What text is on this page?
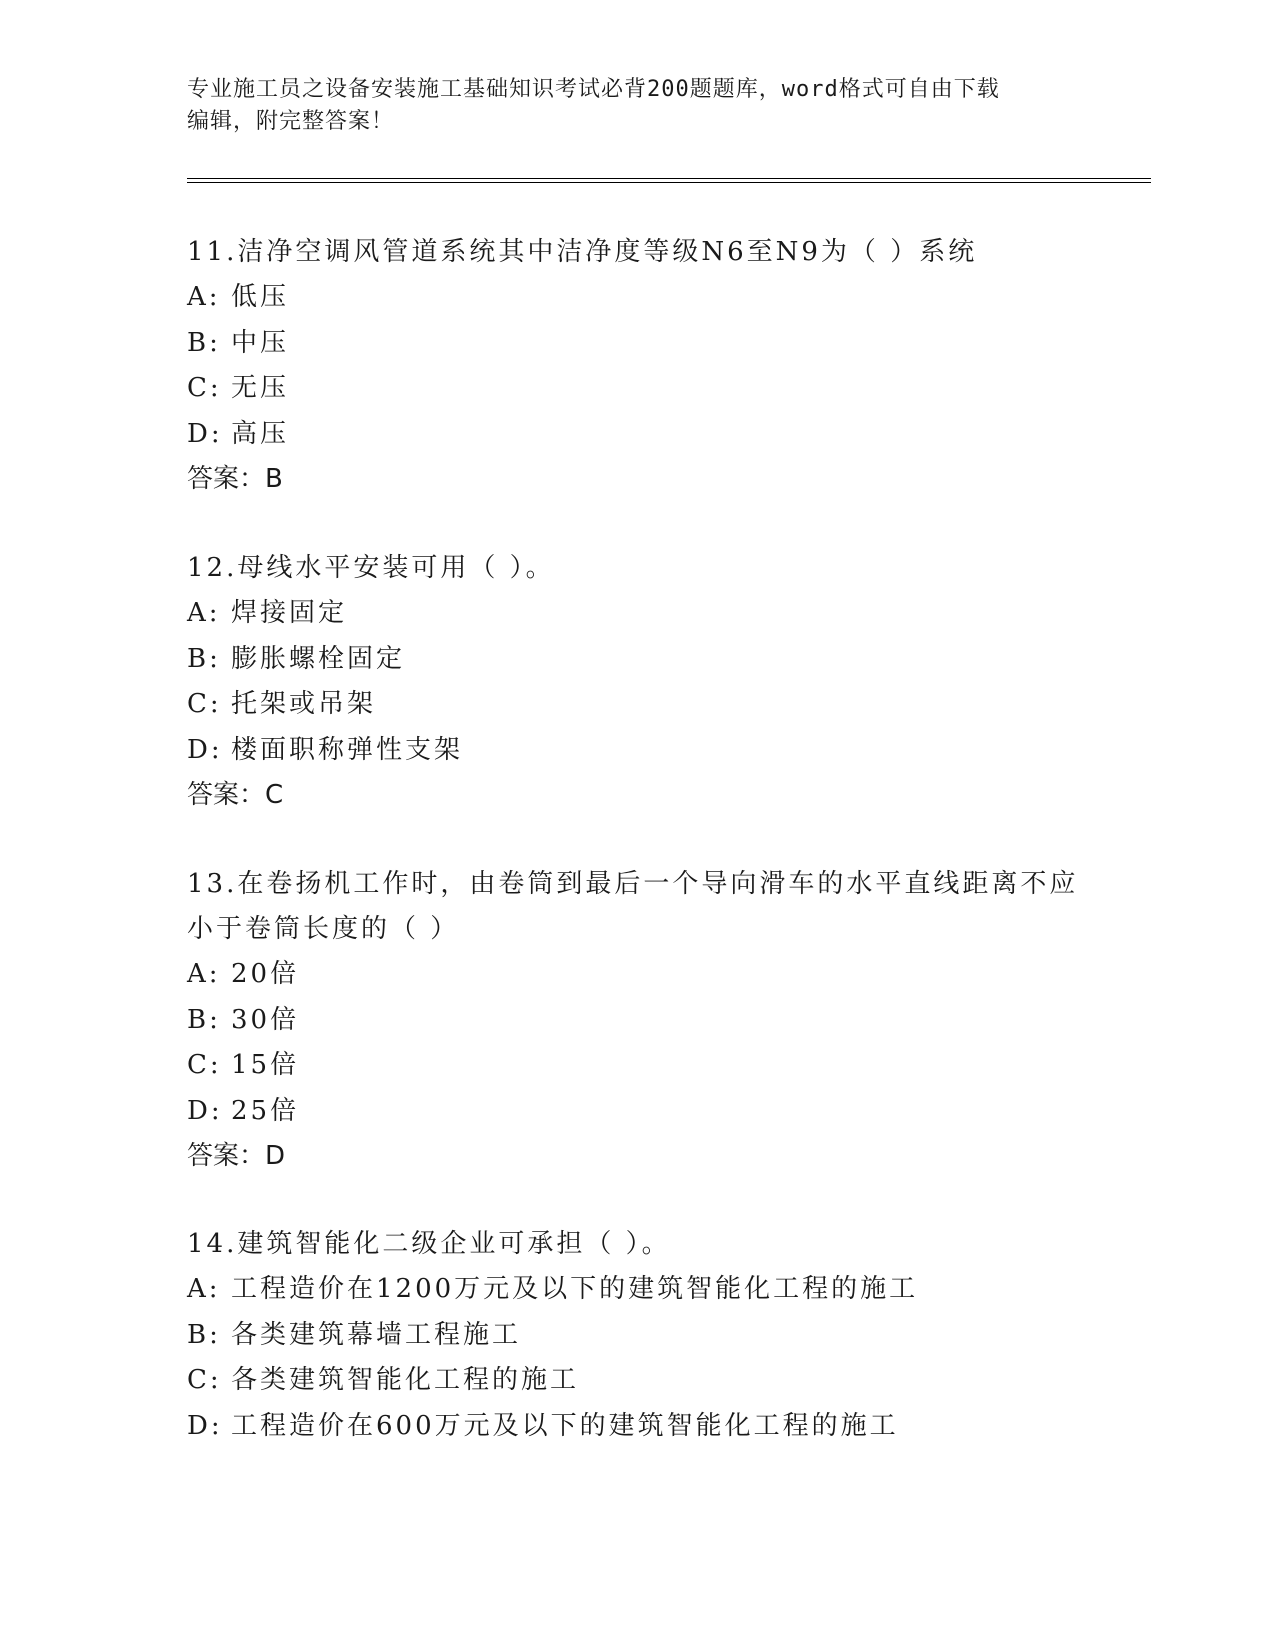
专业施工员之设备安装施工基础知识考试必背200题题库，word格式可自由下载
编辑，附完整答案！
11.洁净空调风管道系统其中洁净度等级N6至N9为（ ）系统
A: 低压
B: 中压
C: 无压
D: 高压
答案：B
12.母线水平安装可用（ ）。
A: 焊接固定
B: 膨胀螺栓固定
C: 托架或吊架
D: 楼面职称弹性支架
答案：C
13.在卷扬机工作时，由卷筒到最后一个导向滑车的水平直线距离不应
小于卷筒长度的（ ）
A: 20倍
B: 30倍
C: 15倍
D: 25倍
答案：D
14.建筑智能化二级企业可承担（ ）。
A: 工程造价在1200万元及以下的建筑智能化工程的施工
B: 各类建筑幕墙工程施工
C: 各类建筑智能化工程的施工
D: 工程造价在600万元及以下的建筑智能化工程的施工
